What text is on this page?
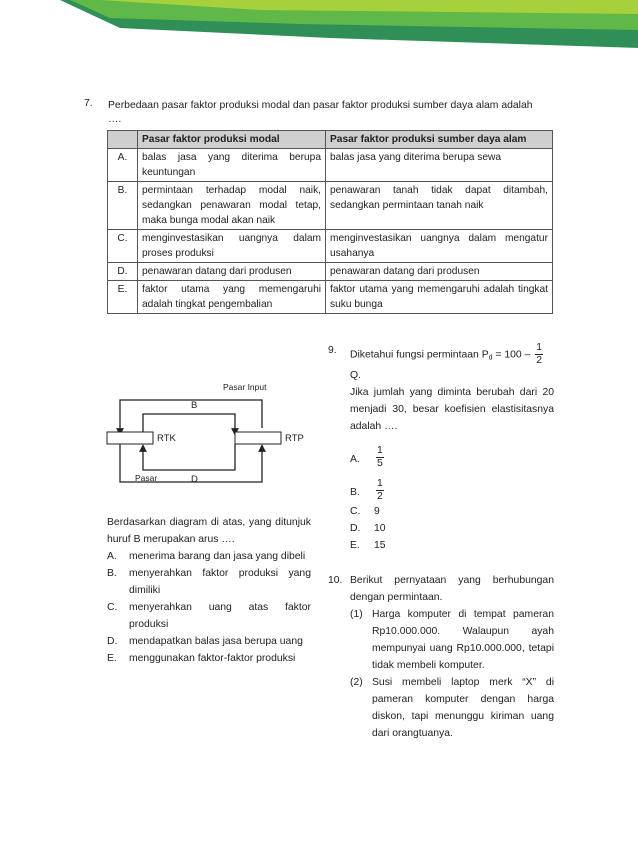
7.	Perbedaan pasar faktor produksi modal dan pasar faktor produksi sumber daya alam adalah
….
	Pasar faktor produksi modal	Pasar faktor produksi sumber daya alam
A.	balas jasa yang diterima berupa keuntungan	balas jasa yang diterima berupa sewa
B.	permintaan terhadap modal naik, sedangkan penawaran modal tetap, maka bunga modal akan naik	penawaran tanah tidak dapat ditambah, sedangkan permintaan tanah naik
C.	menginvestasikan uangnya dalam proses produksi	menginvestasikan uangnya dalam mengatur usahanya
D.	penawaran datang dari produsen	penawaran datang dari produsen
E.	faktor utama yang memengaruhi adalah tingkat pengembalian	faktor utama yang memengaruhi adalah tingkat suku bunga
Pasar Input
B
RTK	RTP
Pasar	D
Berdasarkan diagram di atas, yang ditunjuk huruf B merupakan arus ….
A.	menerima barang dan jasa yang dibeli
B.	menyerahkan faktor produksi yang dimiliki
C.	menyerahkan uang atas faktor produksi
D.	mendapatkan balas jasa berupa uang
E.	menggunakan faktor-faktor produksi
9.	Diketahui fungsi permintaan $P_d = 100 - \frac{1}{2}$
Q.
Jika jumlah yang diminta berubah dari 20 menjadi 30, besar koefisien elastisitasnya adalah ….
A.	$\frac{1}{5}$
B.	$\frac{1}{2}$
C.	9
D.	10
E.	15
10. Berikut pernyataan yang berhubungan dengan permintaan.
(1) Harga komputer di tempat pameran Rp10.000.000. Walaupun ayah mempunyai uang Rp10.000.000, tetapi tidak membeli komputer.
(2) Susi membeli laptop merk “X” di pameran komputer dengan harga diskon, tapi menunggu kiriman uang dari orangtuanya.
